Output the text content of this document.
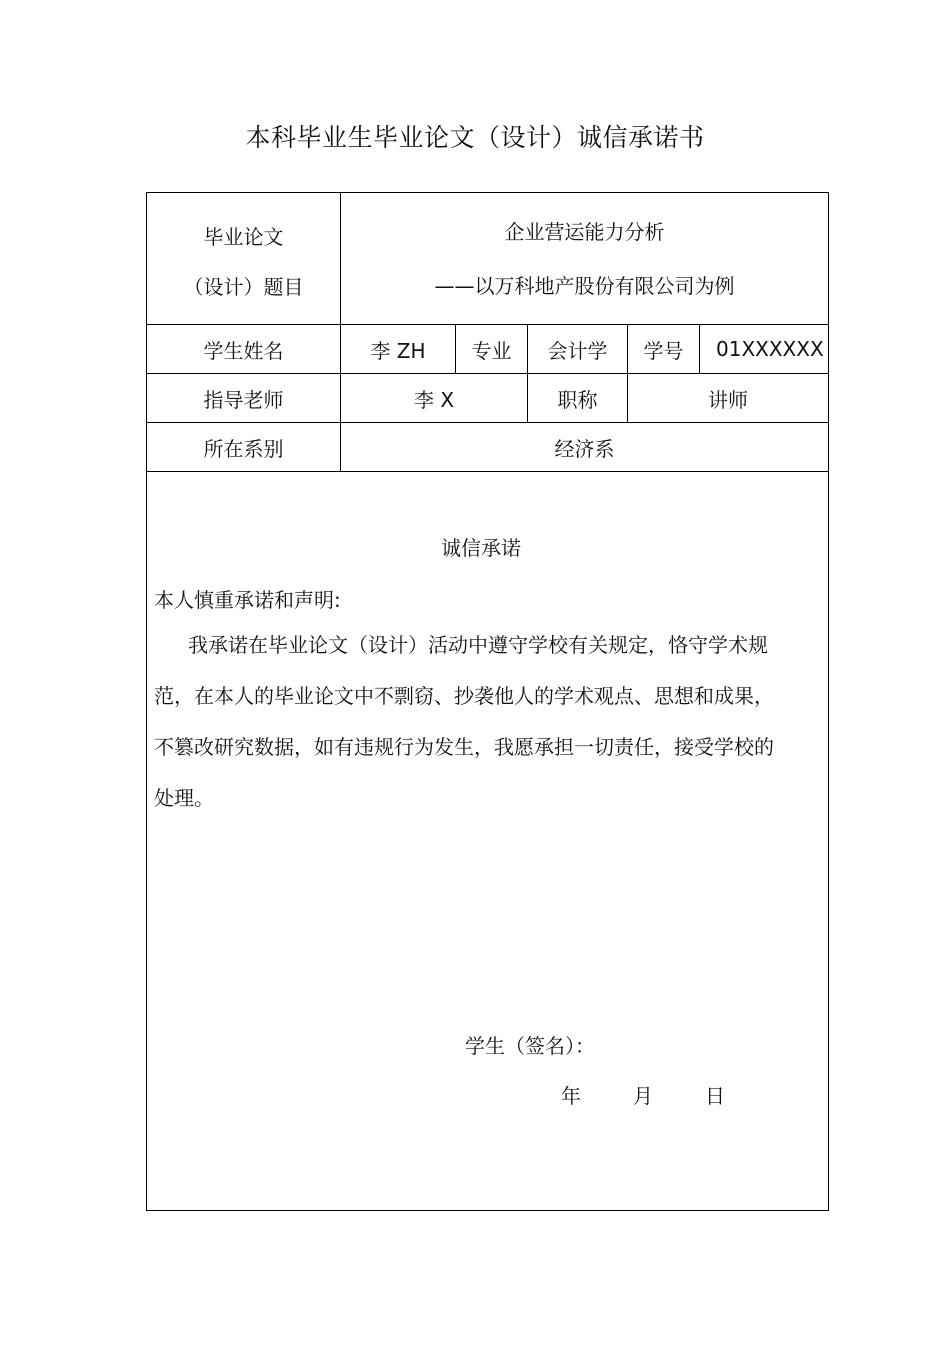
本科毕业生毕业论文（设计）诚信承诺书
毕业论文
（设计）题目	企业营运能力分析
——以万科地产股份有限公司为例				

学生姓名	李 ZH	专业	会计学	学号	01XXXXXX
指导老师	李 X		职称	讲师	
所在系别	经济系				

诚信承诺
本人慎重承诺和声明:
我承诺在毕业论文（设计）活动中遵守学校有关规定，恪守学术规范，在本人的毕业论文中不剽窃、抄袭他人的学术观点、思想和成果，不篡改研究数据，如有违规行为发生，我愿承担一切责任，接受学校的处理。
学生（签名）：
年 月 日					
